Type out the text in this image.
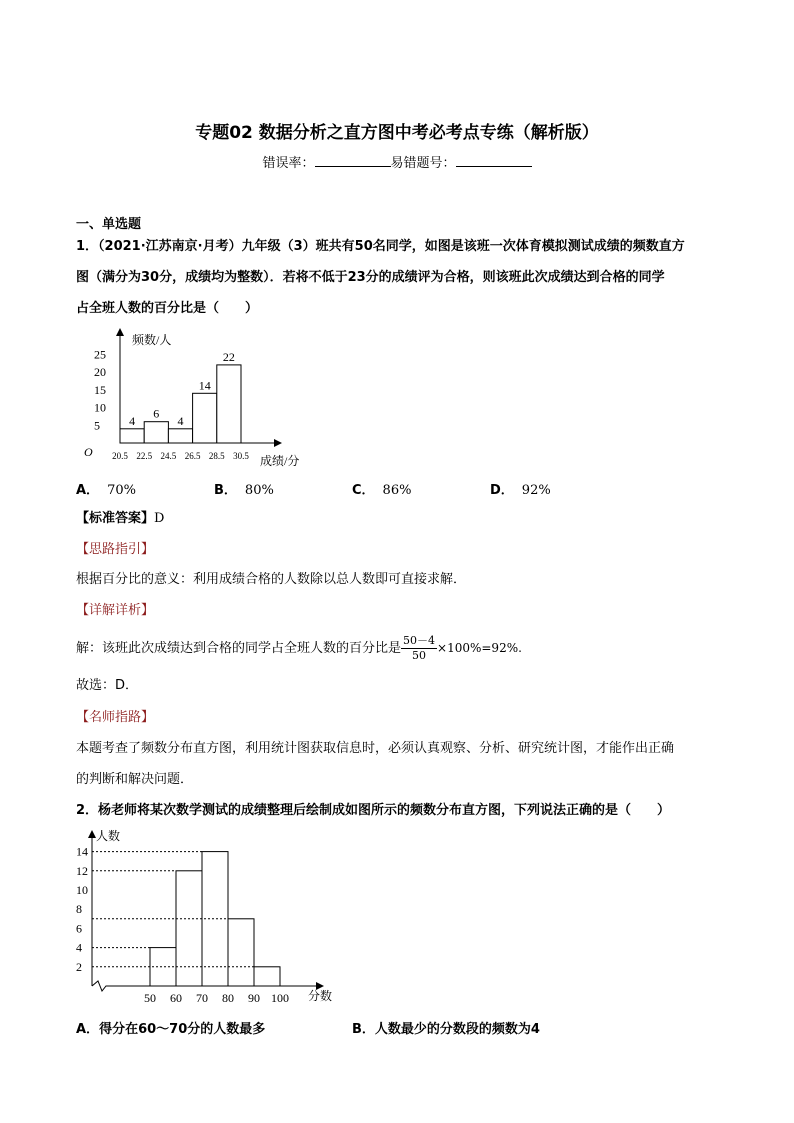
专题02 数据分析之直方图中考必考点专练（解析版）
错误率：	易错题号：
一、单选题
1．（2021·江苏南京·月考）九年级（3）班共有50名同学，如图是该班一次体育模拟测试成绩的频数直方
图（满分为30分，成绩均为整数）．若将不低于23分的成绩评为合格，则该班此次成绩达到合格的同学
占全班人数的百分比是（　　）
O
频数/人
成绩/分
5
10
15
20
25
20.5 22.5 24.5 26.5 28.5 30.5
4
6
4
14
22
A． 70%	B． 80%	C． 86%	D． 92%
【标准答案】D
【思路指引】
根据百分比的意义：利用成绩合格的人数除以总人数即可直接求解．
【详解详析】
解：该班此次成绩达到合格的同学占全班人数的百分比是 $\frac{50-4}{50} \times 100\%=92\%$.
故选：D．
【名师指路】
本题考查了频数分布直方图，利用统计图获取信息时，必须认真观察、分析、研究统计图，才能作出正确
的判断和解决问题．
2．杨老师将某次数学测试的成绩整理后绘制成如图所示的频数分布直方图，下列说法正确的是（　　）
人数
分数
2
4
6
8
10
12
14
50 60 70 80 90 100
A．得分在60～70分的人数最多	B．人数最少的分数段的频数为4
